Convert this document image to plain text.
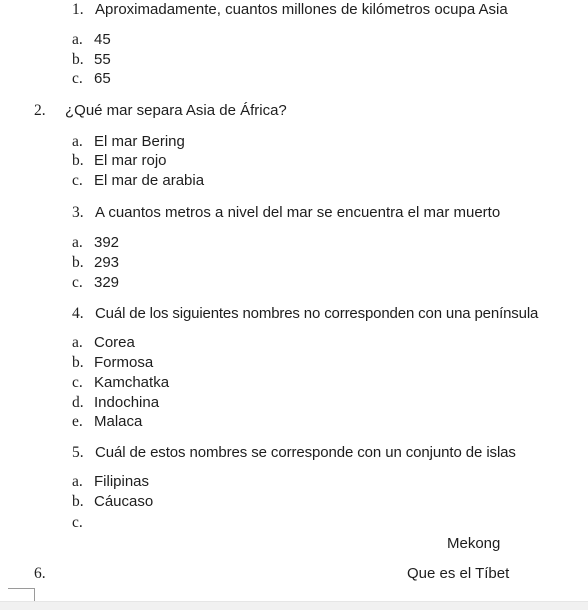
1. Aproximadamente, cuantos millones de kilómetros ocupa Asia
a. 45
b. 55
c. 65
2. ¿Qué mar separa Asia de África?
a. El mar Bering
b. El mar rojo
c. El mar de arabia
3. A cuantos metros a nivel del mar se encuentra el mar muerto
a. 392
b. 293
c. 329
4. Cuál de los siguientes nombres no corresponden con una península
a. Corea
b. Formosa
c. Kamchatka
d. Indochina
e. Malaca
5. Cuál de estos nombres se corresponde con un conjunto de islas
a. Filipinas
b. Cáucaso
c.
Mekong
6.	Que es el Tíbet
